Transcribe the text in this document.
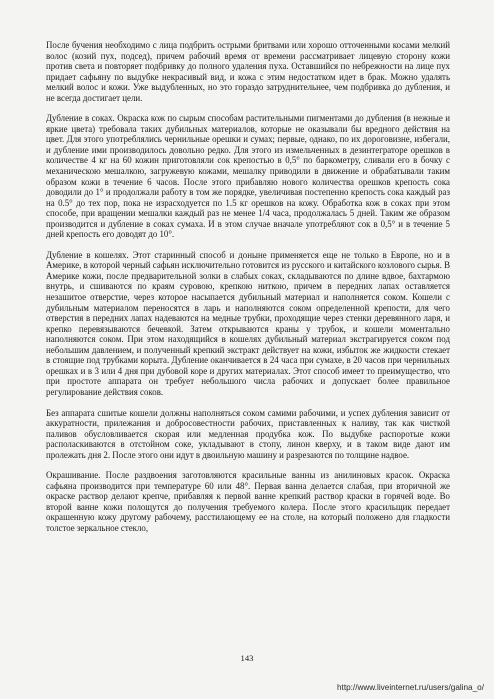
После бучения необходимо с лица подбрить острыми бритвами или хорошо отточенными косами мелкий волос (козий пух, подсед), причем рабочий время от времени рассматривает лицевую сторону кожи против света и повторяет подбривку до полного удаления пуха. Оставшийся по небрежности на лице пух придает сафьяну по выдубке некрасивый вид, и кожа с этим недостатком идет в брак. Можно удалять мелкий волос и кожи. Уже выдубленных, но это гораздо затруднительнее, чем подбривка до дубления, и не всегда достигает цели.

Дубление в соках. Окраска кож по сырым способам растительными пигментами до дубления (в нежные и яркие цвета) требовала таких дубильных материалов, которые не оказывали бы вредного действия на цвет. Для этого употреблялись чернильные орешки и сумах; первые, однако, по их дороговизне, избегали, и дубление ими производилось довольно редко. Для этого из измельченных в дезинтеграторе орешков в количестве 4 кг на 60 кожин приготовляли сок крепостью в 0,5° по баркометру, сливали его в бочку с механическою мешалкою, загружевую кожами, мешалку приводили в движение и обрабатывали таким образом кожи в течение 6 часов. После этого прибавляю нового количества орешков крепость сока доводили до 1° и продолжали работу в том же порядке, увеличивая постепенно крепость сока каждый раз на 0.5° до тех пор, пока не израсходуется по 1.5 кг орешков на кожу. Обработка кож в соках при этом способе, при вращении мешалки каждый раз не менее 1/4 часа, продолжалась 5 дней. Таким же образом производится и дубление в соках сумаха. И в этом случае вначале употребляют сок в 0,5° и в течение 5 дней крепость его доводят до 10°.

Дубление в кошелях. Этот старинный способ и доныне применяется еще не только в Европе, но и в Америке, в которой черный сафьян исключительно готовится из русского и китайского козлового сырья. В Америке кожи, после предварительной золки в слабых соках, складываются по длине вдвое, бахтармою внутрь, и сшиваются по краям суровою, крепкою ниткою, причем в передних лапах оставляется незашитое отверстие, через которое насыпается дубильный материал и наполняется соком. Кошели с дубильным материалом переносятся в ларь и наполняются соком определенной крепости, для чего отверстия в передних лапах надеваются на медные трубки, проходящие через стенки деревянного ларя, и крепко перевязываются бечевкой. Затем открываются краны у трубок, и кошели моментально наполняются соком. При этом находящийся в кошелях дубильный материал экстрагируется соком под небольшим давлением, и полученный крепкий экстракт действует на кожи, избыток же жидкости стекает в стоящие под трубками корыта. Дубление оканчивается в 24 часа при сумахе, в 20 часов при чернильных орешках и в 3 или 4 дня при дубовой коре и других материалах. Этот способ имеет то преимущество, что при простоте аппарата он требует небольшого числа рабочих и допускает более правильное регулирование действия соков.

Без аппарата сшитые кошели должны наполняться соком самими рабочими, и успех дубления зависит от аккуратности, прилежания и добросовестности рабочих, приставленных к наливу, так как чисткой паливов обусловливается скорая или медленная продубка кож. По выдубке распоротые кожи располаскиваются в отстойном соке, укладывают в стопу, линон кверху, и в таком виде дают им пролежать дня 2. После этого они идут в двоильную машину и разрезаются по толщине надвое.

Окрашивание. После раздвоения заготовляются красильные ванны из анилиновых красок. Окраска сафьяна производится при температуре 60 или 48°. Первая ванна делается слабая, при вторичной же окраске раствор делают крепче, прибавляя к первой ванне крепкий раствор краски в горячей воде. Во второй ванне кожи полощутся до получения требуемого колера. После этого красильщик передает окрашенную кожу другому рабочему, расстилающему ее на столе, на который положено для гладкости толстое зеркальное стекло,

143
http://www.liveinternet.ru/users/galina_o/
